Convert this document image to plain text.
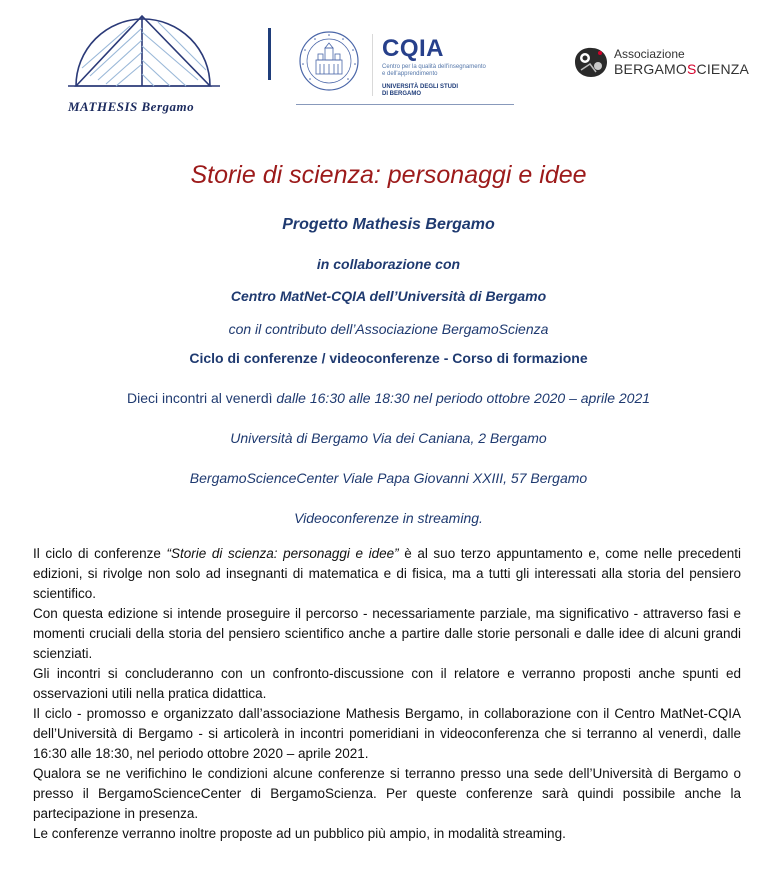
MATHESIS Bergamo
CQIA
Centro per la qualità dell'insegnamento
e dell'apprendimento
UNIVERSITÀ DEGLI STUDI
DI BERGAMO
Associazione
BERGAMOSCIENZA
Storie di scienza: personaggi e idee
Progetto Mathesis Bergamo
in collaborazione con
Centro MatNet-CQIA dell’Università di Bergamo
con il contributo dell’Associazione BergamoScienza
Ciclo di conferenze / videoconferenze - Corso di formazione
Dieci incontri al venerdì dalle 16:30 alle 18:30 nel periodo ottobre 2020 – aprile 2021
Università di Bergamo Via dei Caniana, 2 Bergamo
BergamoScienceCenter Viale Papa Giovanni XXIII, 57 Bergamo
Videoconferenze in streaming.

Il ciclo di conferenze “Storie di scienza: personaggi e idee” è al suo terzo appuntamento e, come nelle precedenti edizioni, si rivolge non solo ad insegnanti di matematica e di fisica, ma a tutti gli interessati alla storia del pensiero scientifico.

Con questa edizione si intende proseguire il percorso - necessariamente parziale, ma significativo - attraverso fasi e momenti cruciali della storia del pensiero scientifico anche a partire dalle storie personali e dalle idee di alcuni grandi scienziati.

Gli incontri si concluderanno con un confronto-discussione con il relatore e verranno proposti anche spunti ed osservazioni utili nella pratica didattica.

Il ciclo - promosso e organizzato dall’associazione Mathesis Bergamo, in collaborazione con il Centro MatNet-CQIA dell’Università di Bergamo - si articolerà in incontri pomeridiani in videoconferenza che si terranno al venerdì, dalle 16:30 alle 18:30, nel periodo ottobre 2020 – aprile 2021.

Qualora se ne verifichino le condizioni alcune conferenze si terranno presso una sede dell’Università di Bergamo o presso il BergamoScienceCenter di BergamoScienza. Per queste conferenze sarà quindi possibile anche la partecipazione in presenza.

Le conferenze verranno inoltre proposte ad un pubblico più ampio, in modalità streaming.
